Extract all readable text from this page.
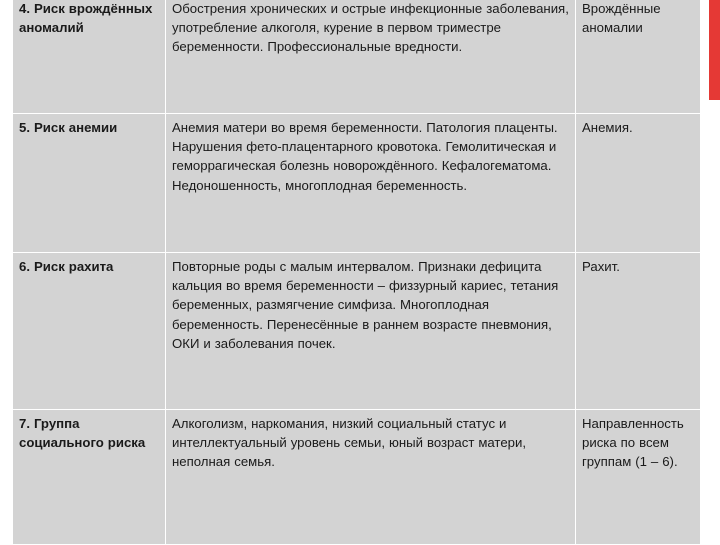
4. Риск врождённых аномалий	Обострения хронических и острые инфекционные заболевания, употребление алкоголя, курение в первом триместре беременности. Профессиональные вредности.	Врождённые аномалии
5. Риск анемии	Анемия матери во время беременности. Патология плаценты. Нарушения фето-плацентарного кровотока. Гемолитическая и геморрагическая болезнь новорождённого. Кефалогематома. Недоношенность, многоплодная беременность.	Анемия.
6. Риск рахита	Повторные роды с малым интервалом. Признаки дефицита кальция во время беременности – физзурный кариес, тетания беременных, размягчение симфиза. Многоплодная беременность. Перенесённые в раннем возрасте пневмония, ОКИ и заболевания почек.	Рахит.
7. Группа социального риска	Алкоголизм, наркомания, низкий социальный статус и интеллектуальный уровень семьи, юный возраст матери, неполная семья.	Направленность риска по всем группам (1 – 6).
